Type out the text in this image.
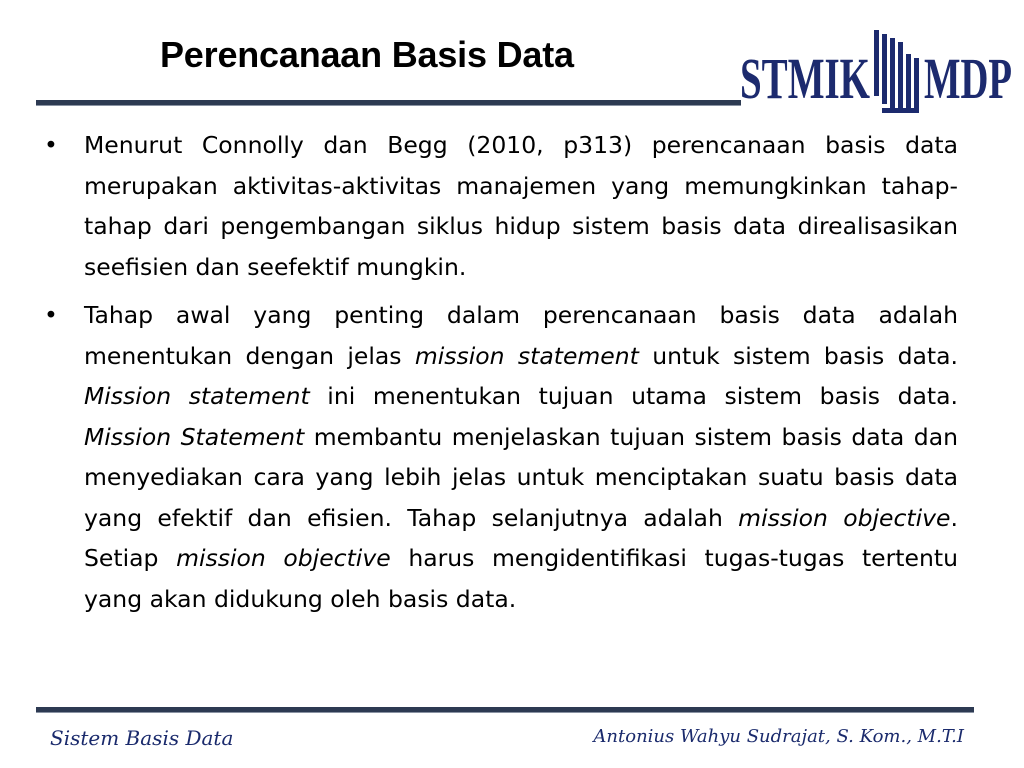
Perencanaan Basis Data	STMIK MDP
• Menurut Connolly dan Begg (2010, p313) perencanaan basis data merupakan aktivitas-aktivitas manajemen yang memungkinkan tahap-tahap dari pengembangan siklus hidup sistem basis data direalisasikan seefisien dan seefektif mungkin.
• Tahap awal yang penting dalam perencanaan basis data adalah menentukan dengan jelas mission statement untuk sistem basis data. Mission statement ini menentukan tujuan utama sistem basis data. Mission Statement membantu menjelaskan tujuan sistem basis data dan menyediakan cara yang lebih jelas untuk menciptakan suatu basis data yang efektif dan efisien. Tahap selanjutnya adalah mission objective. Setiap mission objective harus mengidentifikasi tugas-tugas tertentu yang akan didukung oleh basis data.
Sistem Basis Data	Antonius Wahyu Sudrajat, S. Kom., M.T.I
